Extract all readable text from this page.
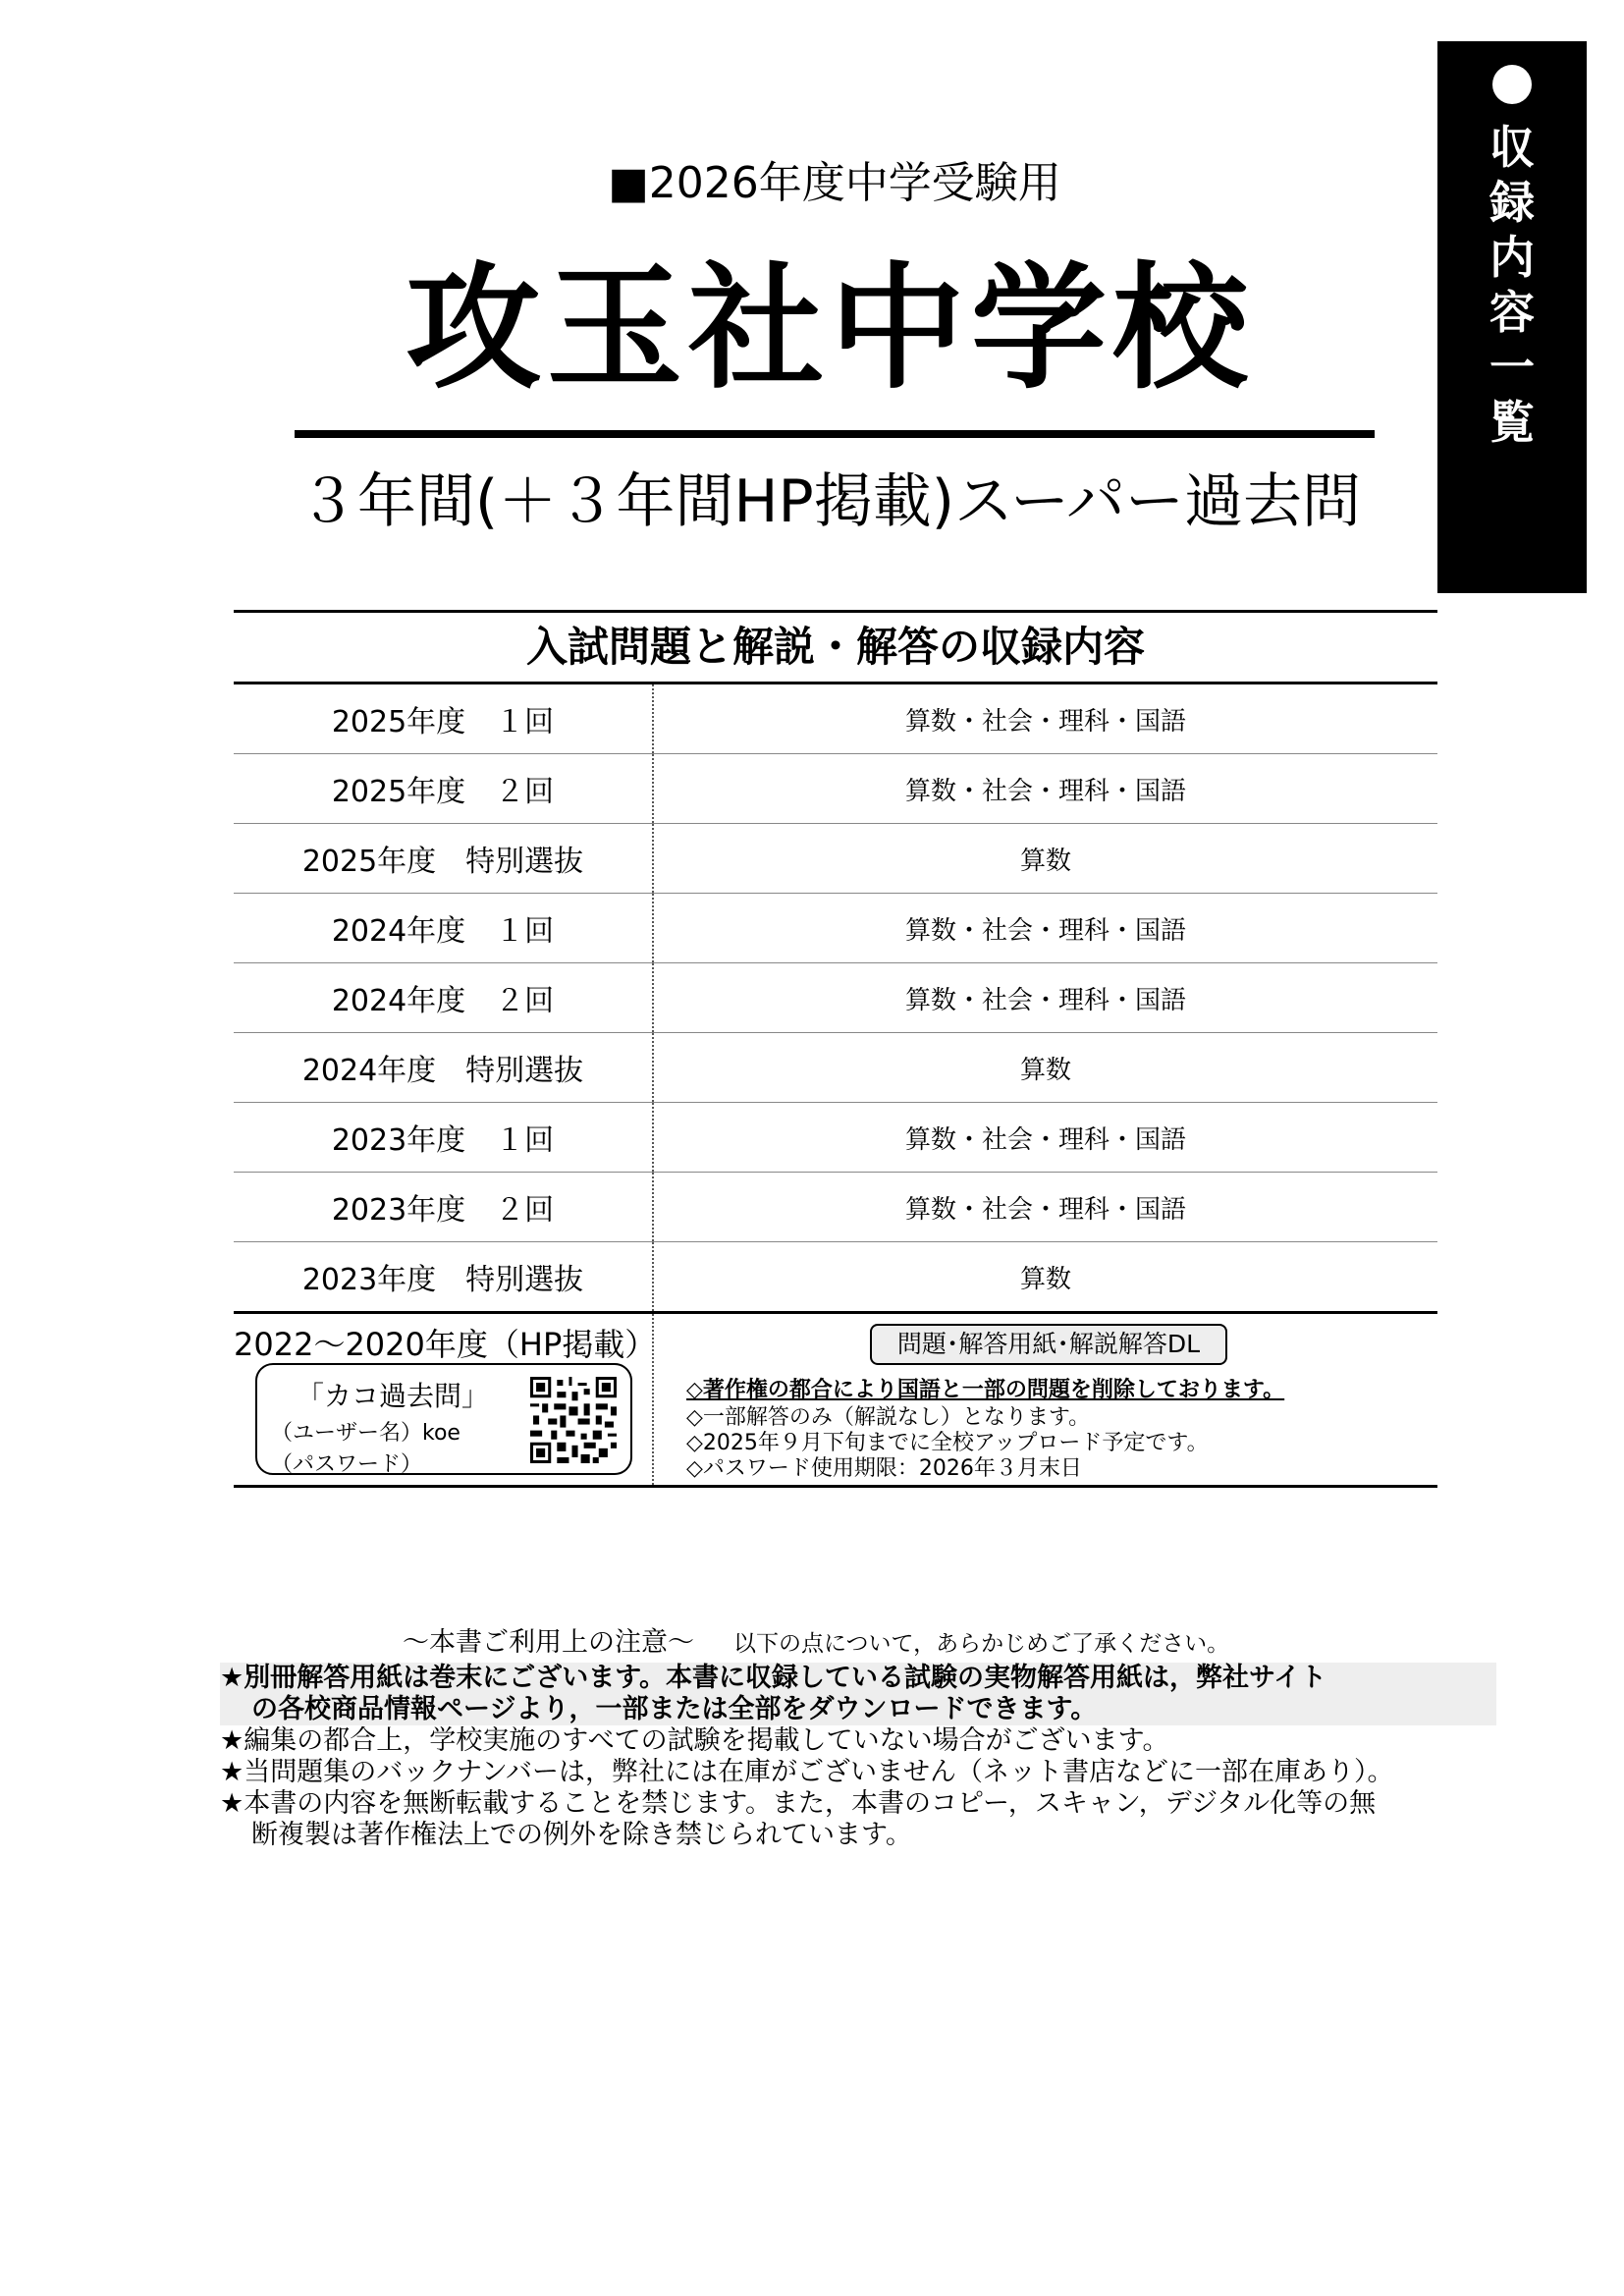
収
録
内
容
一
覧
■2026年度中学受験用
攻玉社中学校
３年間(＋３年間HP掲載)スーパー過去問
入試問題と解説・解答の収録内容
2025年度 １回	算数・社会・理科・国語
2025年度 ２回	算数・社会・理科・国語
2025年度 特別選抜	算数
2024年度 １回	算数・社会・理科・国語
2024年度 ２回	算数・社会・理科・国語
2024年度 特別選抜	算数
2023年度 １回	算数・社会・理科・国語
2023年度 ２回	算数・社会・理科・国語
2023年度 特別選抜	算数
2022～2020年度（HP掲載）
「カコ過去問」
（ユーザー名）koe
（パスワード）
問題･解答用紙･解説解答DL
◇著作権の都合により国語と一部の問題を削除しております。
◇一部解答のみ（解説なし）となります。
◇2025年９月下旬までに全校アップロード予定です。
◇パスワード使用期限：2026年３月末日
～本書ご利用上の注意～ 以下の点について，あらかじめご了承ください。
★別冊解答用紙は巻末にございます。本書に収録している試験の実物解答用紙は，弊社サイト
の各校商品情報ページより，一部または全部をダウンロードできます。
★編集の都合上，学校実施のすべての試験を掲載していない場合がございます。
★当問題集のバックナンバーは，弊社には在庫がございません（ネット書店などに一部在庫あり）。
★本書の内容を無断転載することを禁じます。また，本書のコピー，スキャン，デジタル化等の無
断複製は著作権法上での例外を除き禁じられています。
